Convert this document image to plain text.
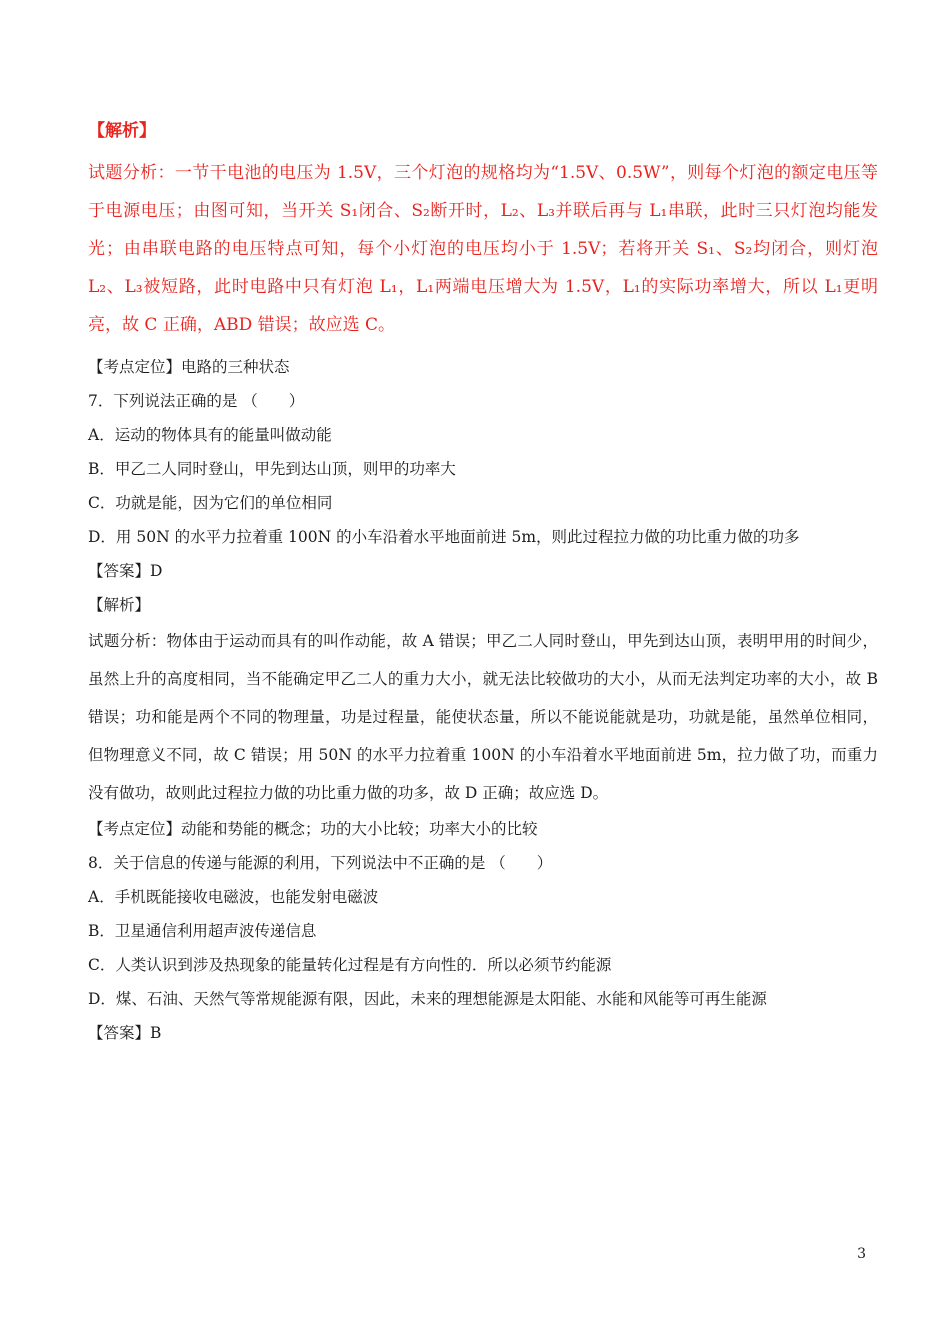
【解析】

试题分析：一节干电池的电压为 1.5V，三个灯泡的规格均为“1.5V、0.5W”，则每个灯泡的额定电压等于电源电压；由图可知，当开关 S₁闭合、S₂断开时，L₂、L₃并联后再与 L₁串联，此时三只灯泡均能发光；由串联电路的电压特点可知，每个小灯泡的电压均小于 1.5V；若将开关 S₁、S₂均闭合，则灯泡 L₂、L₃被短路，此时电路中只有灯泡 L₁，L₁两端电压增大为 1.5V，L₁的实际功率增大，所以 L₁更明亮，故 C 正确，ABD 错误；故应选 C。

【考点定位】电路的三种状态

7．下列说法正确的是 （　　）

A．运动的物体具有的能量叫做动能

B．甲乙二人同时登山，甲先到达山顶，则甲的功率大

C．功就是能，因为它们的单位相同

D．用 50N 的水平力拉着重 100N 的小车沿着水平地面前进 5m，则此过程拉力做的功比重力做的功多

【答案】D

【解析】

试题分析：物体由于运动而具有的叫作动能，故 A 错误；甲乙二人同时登山，甲先到达山顶，表明甲用的时间少，虽然上升的高度相同，当不能确定甲乙二人的重力大小，就无法比较做功的大小，从而无法判定功率的大小，故 B 错误；功和能是两个不同的物理量，功是过程量，能使状态量，所以不能说能就是功，功就是能，虽然单位相同，但物理意义不同，故 C 错误；用 50N 的水平力拉着重 100N 的小车沿着水平地面前进 5m，拉力做了功，而重力没有做功，故则此过程拉力做的功比重力做的功多，故 D 正确；故应选 D。

【考点定位】动能和势能的概念；功的大小比较；功率大小的比较

8．关于信息的传递与能源的利用，下列说法中不正确的是 （　　）

A．手机既能接收电磁波，也能发射电磁波

B．卫星通信利用超声波传递信息

C．人类认识到涉及热现象的能量转化过程是有方向性的．所以必须节约能源

D．煤、石油、天然气等常规能源有限，因此，未来的理想能源是太阳能、水能和风能等可再生能源

【答案】B

3
